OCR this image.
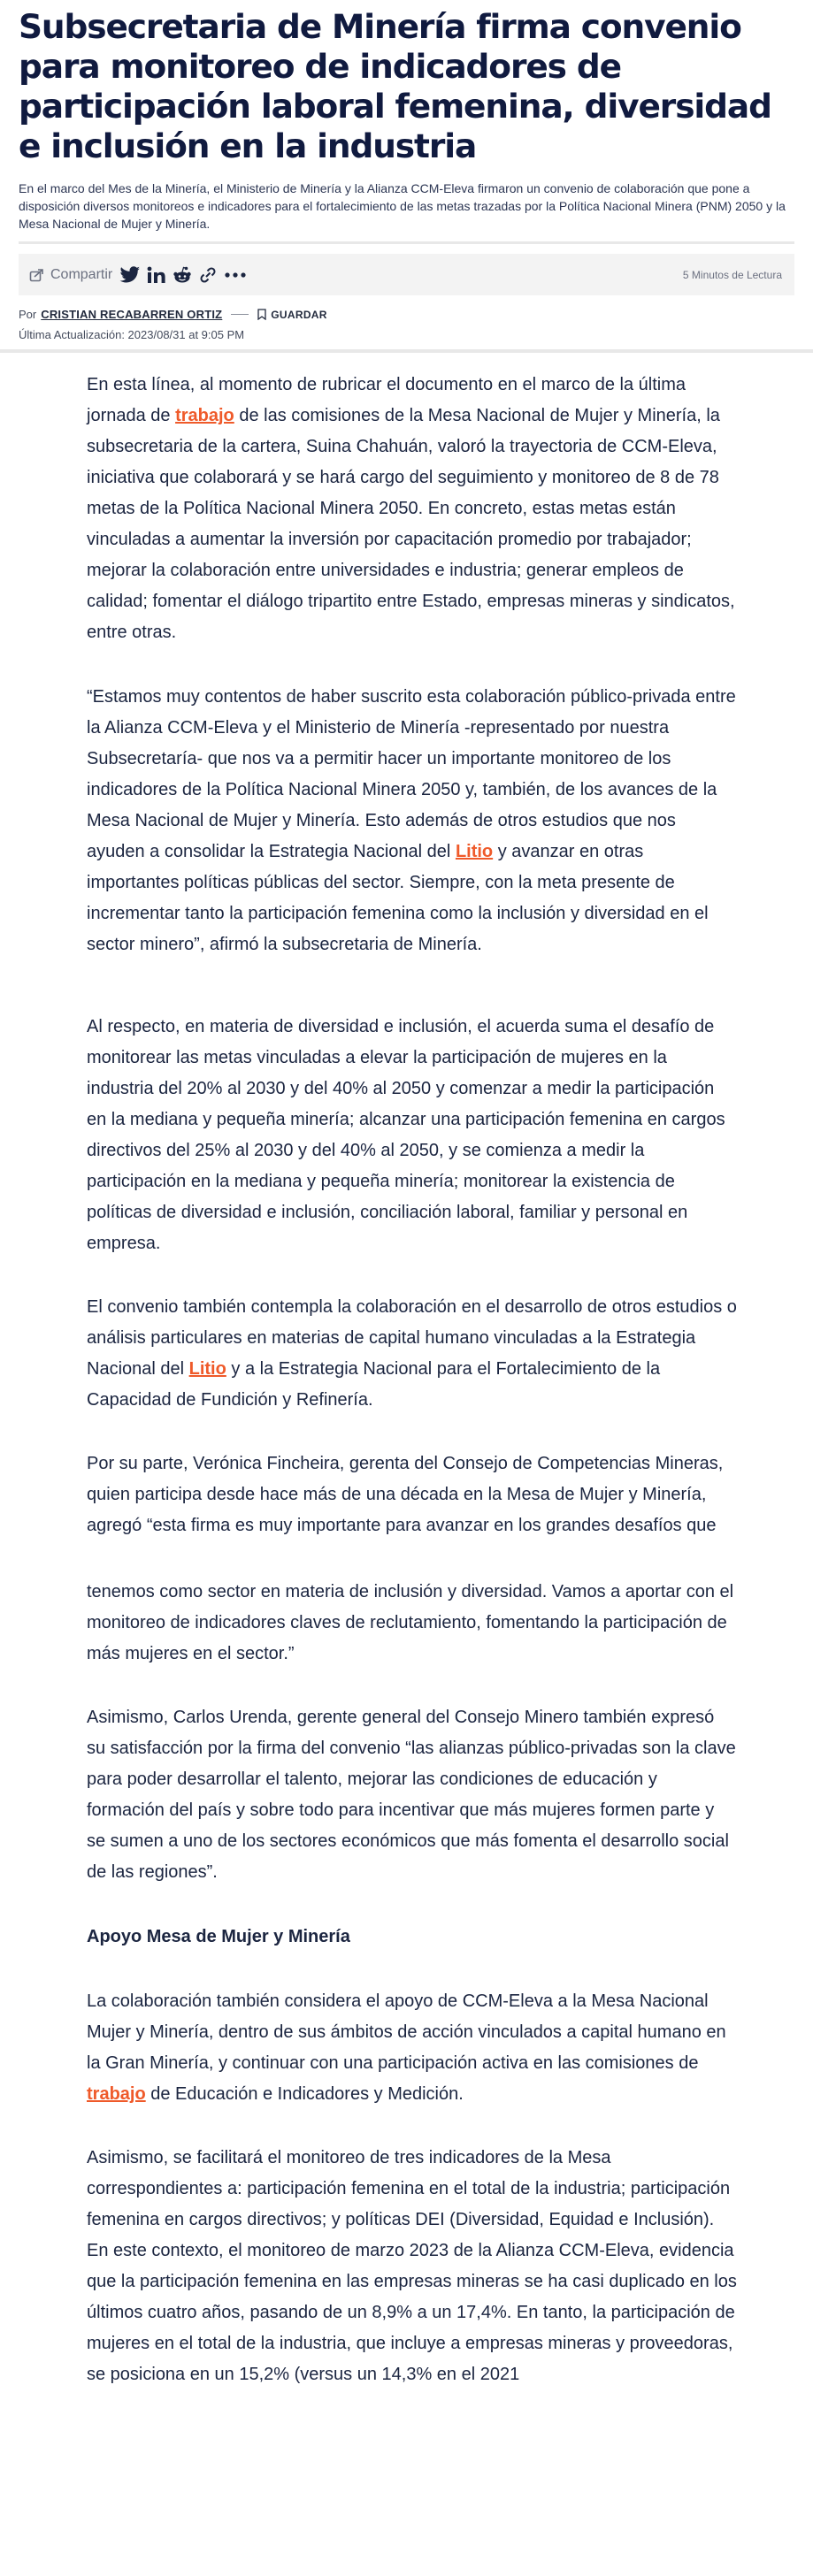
Subsecretaria de Minería firma convenio para monitoreo de indicadores de participación laboral femenina, diversidad e inclusión en la industria

En el marco del Mes de la Minería, el Ministerio de Minería y la Alianza CCM-Eleva firmaron un convenio de colaboración que pone a disposición diversos monitoreos e indicadores para el fortalecimiento de las metas trazadas por la Política Nacional Minera (PNM) 2050 y la Mesa Nacional de Mujer y Minería.

Compartir	5 Minutos de Lectura
Por CRISTIAN RECABARREN ORTIZ	GUARDAR
Última Actualización: 2023/08/31 at 9:05 PM

En esta línea, al momento de rubricar el documento en el marco de la última jornada de trabajo de las comisiones de la Mesa Nacional de Mujer y Minería, la subsecretaria de la cartera, Suina Chahuán, valoró la trayectoria de CCM-Eleva, iniciativa que colaborará y se hará cargo del seguimiento y monitoreo de 8 de 78 metas de la Política Nacional Minera 2050. En concreto, estas metas están vinculadas a aumentar la inversión por capacitación promedio por trabajador; mejorar la colaboración entre universidades e industria; generar empleos de calidad; fomentar el diálogo tripartito entre Estado, empresas mineras y sindicatos, entre otras.

“Estamos muy contentos de haber suscrito esta colaboración público-privada entre la Alianza CCM-Eleva y el Ministerio de Minería -representado por nuestra Subsecretaría- que nos va a permitir hacer un importante monitoreo de los indicadores de la Política Nacional Minera 2050 y, también, de los avances de la Mesa Nacional de Mujer y Minería. Esto además de otros estudios que nos ayuden a consolidar la Estrategia Nacional del Litio y avanzar en otras importantes políticas públicas del sector. Siempre, con la meta presente de incrementar tanto la participación femenina como la inclusión y diversidad en el sector minero”, afirmó la subsecretaria de Minería.

Al respecto, en materia de diversidad e inclusión, el acuerda suma el desafío de monitorear las metas vinculadas a elevar la participación de mujeres en la industria del 20% al 2030 y del 40% al 2050 y comenzar a medir la participación en la mediana y pequeña minería; alcanzar una participación femenina en cargos directivos del 25% al 2030 y del 40% al 2050, y se comienza a medir la participación en la mediana y pequeña minería; monitorear la existencia de políticas de diversidad e inclusión, conciliación laboral, familiar y personal en empresa.

El convenio también contempla la colaboración en el desarrollo de otros estudios o análisis particulares en materias de capital humano vinculadas a la Estrategia Nacional del Litio y a la Estrategia Nacional para el Fortalecimiento de la Capacidad de Fundición y Refinería.

Por su parte, Verónica Fincheira, gerenta del Consejo de Competencias Mineras, quien participa desde hace más de una década en la Mesa de Mujer y Minería, agregó “esta firma es muy importante para avanzar en los grandes desafíos que

tenemos como sector en materia de inclusión y diversidad. Vamos a aportar con el monitoreo de indicadores claves de reclutamiento, fomentando la participación de más mujeres en el sector.”

Asimismo, Carlos Urenda, gerente general del Consejo Minero también expresó su satisfacción por la firma del convenio “las alianzas público-privadas son la clave para poder desarrollar el talento, mejorar las condiciones de educación y formación del país y sobre todo para incentivar que más mujeres formen parte y se sumen a uno de los sectores económicos que más fomenta el desarrollo social de las regiones”.

Apoyo Mesa de Mujer y Minería

La colaboración también considera el apoyo de CCM-Eleva a la Mesa Nacional Mujer y Minería, dentro de sus ámbitos de acción vinculados a capital humano en la Gran Minería, y continuar con una participación activa en las comisiones de trabajo de Educación e Indicadores y Medición.

Asimismo, se facilitará el monitoreo de tres indicadores de la Mesa correspondientes a: participación femenina en el total de la industria; participación femenina en cargos directivos; y políticas DEI (Diversidad, Equidad e Inclusión). En este contexto, el monitoreo de marzo 2023 de la Alianza CCM-Eleva, evidencia que la participación femenina en las empresas mineras se ha casi duplicado en los últimos cuatro años, pasando de un 8,9% a un 17,4%. En tanto, la participación de mujeres en el total de la industria, que incluye a empresas mineras y proveedoras, se posiciona en un 15,2% (versus un 14,3% en el 2021
